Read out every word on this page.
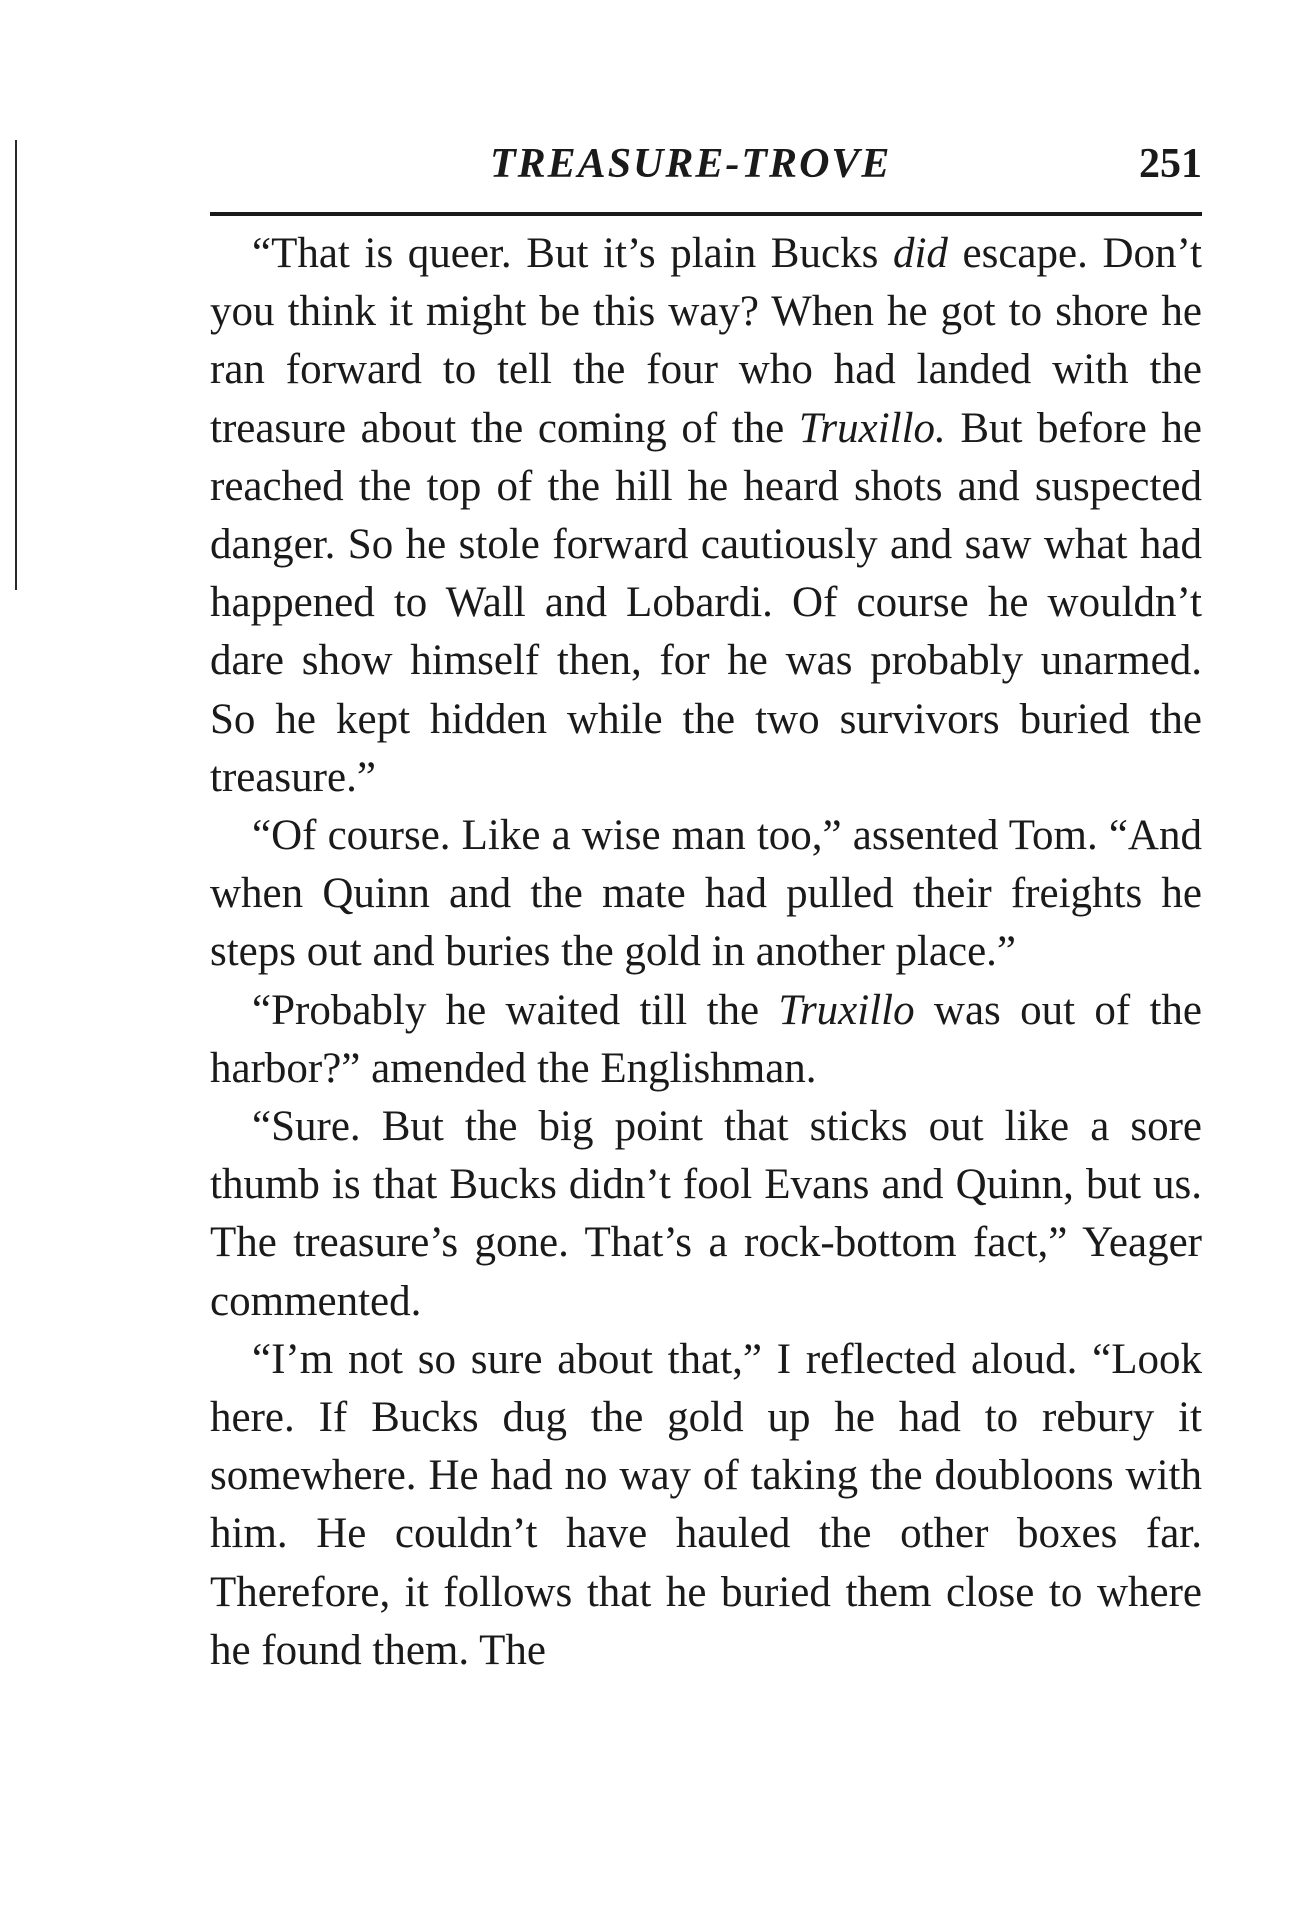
TREASURE-TROVE	251

“That is queer. But it’s plain Bucks did escape. Don’t you think it might be this way? When he got to shore he ran forward to tell the four who had landed with the treasure about the coming of the Truxillo. But before he reached the top of the hill he heard shots and suspected danger. So he stole forward cautiously and saw what had happened to Wall and Lobardi. Of course he wouldn’t dare show himself then, for he was probably unarmed. So he kept hidden while the two survivors buried the treasure.”

“Of course. Like a wise man too,” assented Tom. “And when Quinn and the mate had pulled their freights he steps out and buries the gold in another place.”

“Probably he waited till the Truxillo was out of the harbor?” amended the Englishman.

“Sure. But the big point that sticks out like a sore thumb is that Bucks didn’t fool Evans and Quinn, but us. The treasure’s gone. That’s a rock-bottom fact,” Yeager commented.

“I’m not so sure about that,” I reflected aloud. “Look here. If Bucks dug the gold up he had to rebury it somewhere. He had no way of taking the doubloons with him. He couldn’t have hauled the other boxes far. Therefore, it follows that he buried them close to where he found them. The
